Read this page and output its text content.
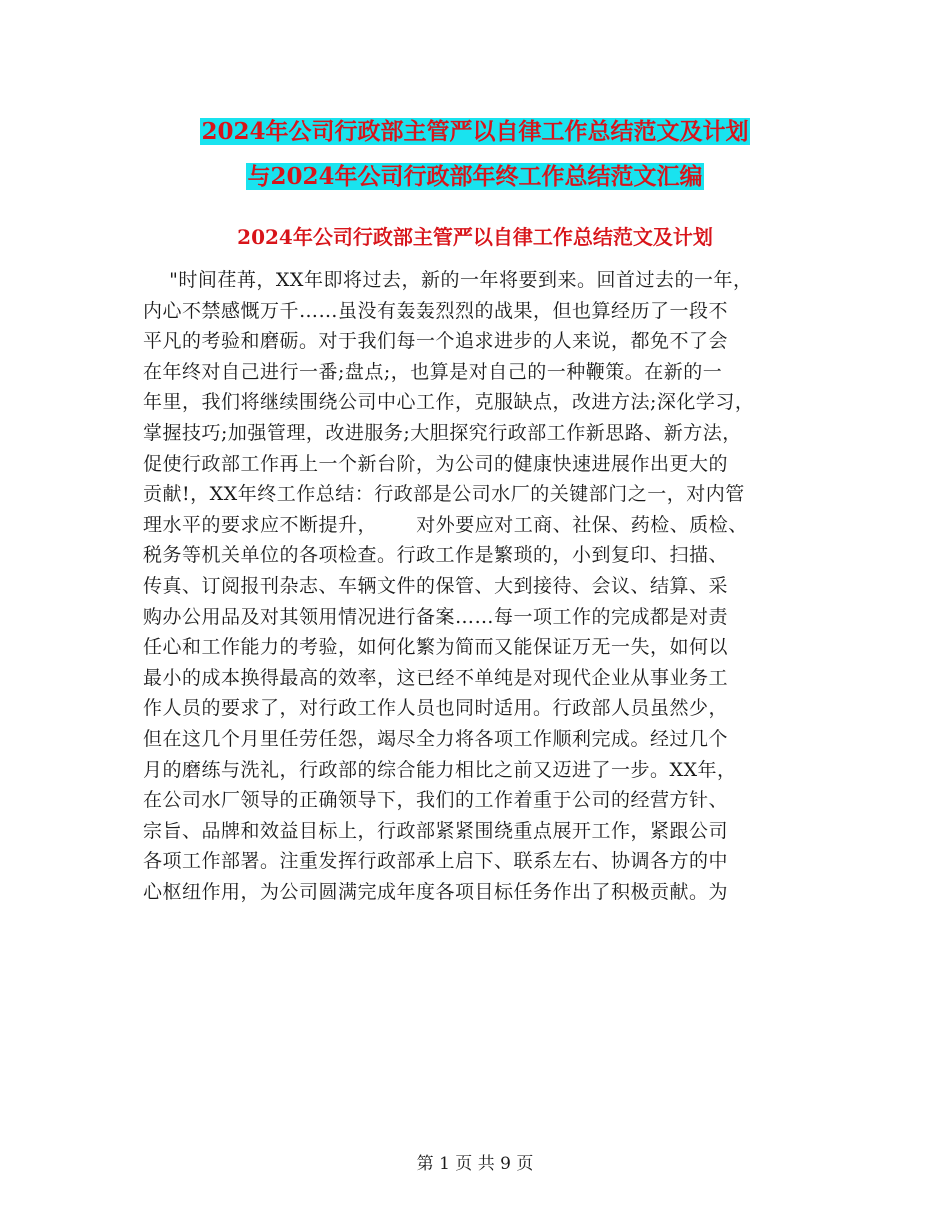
2024年公司行政部主管严以自律工作总结范文及计划
与2024年公司行政部年终工作总结范文汇编
2024年公司行政部主管严以自律工作总结范文及计划
"时间荏苒，XX年即将过去，新的一年将要到来。回首过去的一年，
内心不禁感慨万千……虽没有轰轰烈烈的战果，但也算经历了一段不
平凡的考验和磨砺。对于我们每一个追求进步的人来说，都免不了会
在年终对自己进行一番;盘点;，也算是对自己的一种鞭策。在新的一
年里，我们将继续围绕公司中心工作，克服缺点，改进方法;深化学习，
掌握技巧;加强管理，改进服务;大胆探究行政部工作新思路、新方法，
促使行政部工作再上一个新台阶，为公司的健康快速进展作出更大的
贡献!，XX年终工作总结：行政部是公司水厂的关键部门之一，对内管
理水平的要求应不断提升，      对外要应对工商、社保、药检、质检、
税务等机关单位的各项检查。行政工作是繁琐的，小到复印、扫描、
传真、订阅报刊杂志、车辆文件的保管、大到接待、会议、结算、采
购办公用品及对其领用情况进行备案……每一项工作的完成都是对责
任心和工作能力的考验，如何化繁为简而又能保证万无一失，如何以
最小的成本换得最高的效率，这已经不单纯是对现代企业从事业务工
作人员的要求了，对行政工作人员也同时适用。行政部人员虽然少，
但在这几个月里任劳任怨，竭尽全力将各项工作顺利完成。经过几个
月的磨练与洗礼，行政部的综合能力相比之前又迈进了一步。XX年，
在公司水厂领导的正确领导下，我们的工作着重于公司的经营方针、
宗旨、品牌和效益目标上，行政部紧紧围绕重点展开工作，紧跟公司
各项工作部署。注重发挥行政部承上启下、联系左右、协调各方的中
心枢纽作用，为公司圆满完成年度各项目标任务作出了积极贡献。为
第 1 页 共 9 页
